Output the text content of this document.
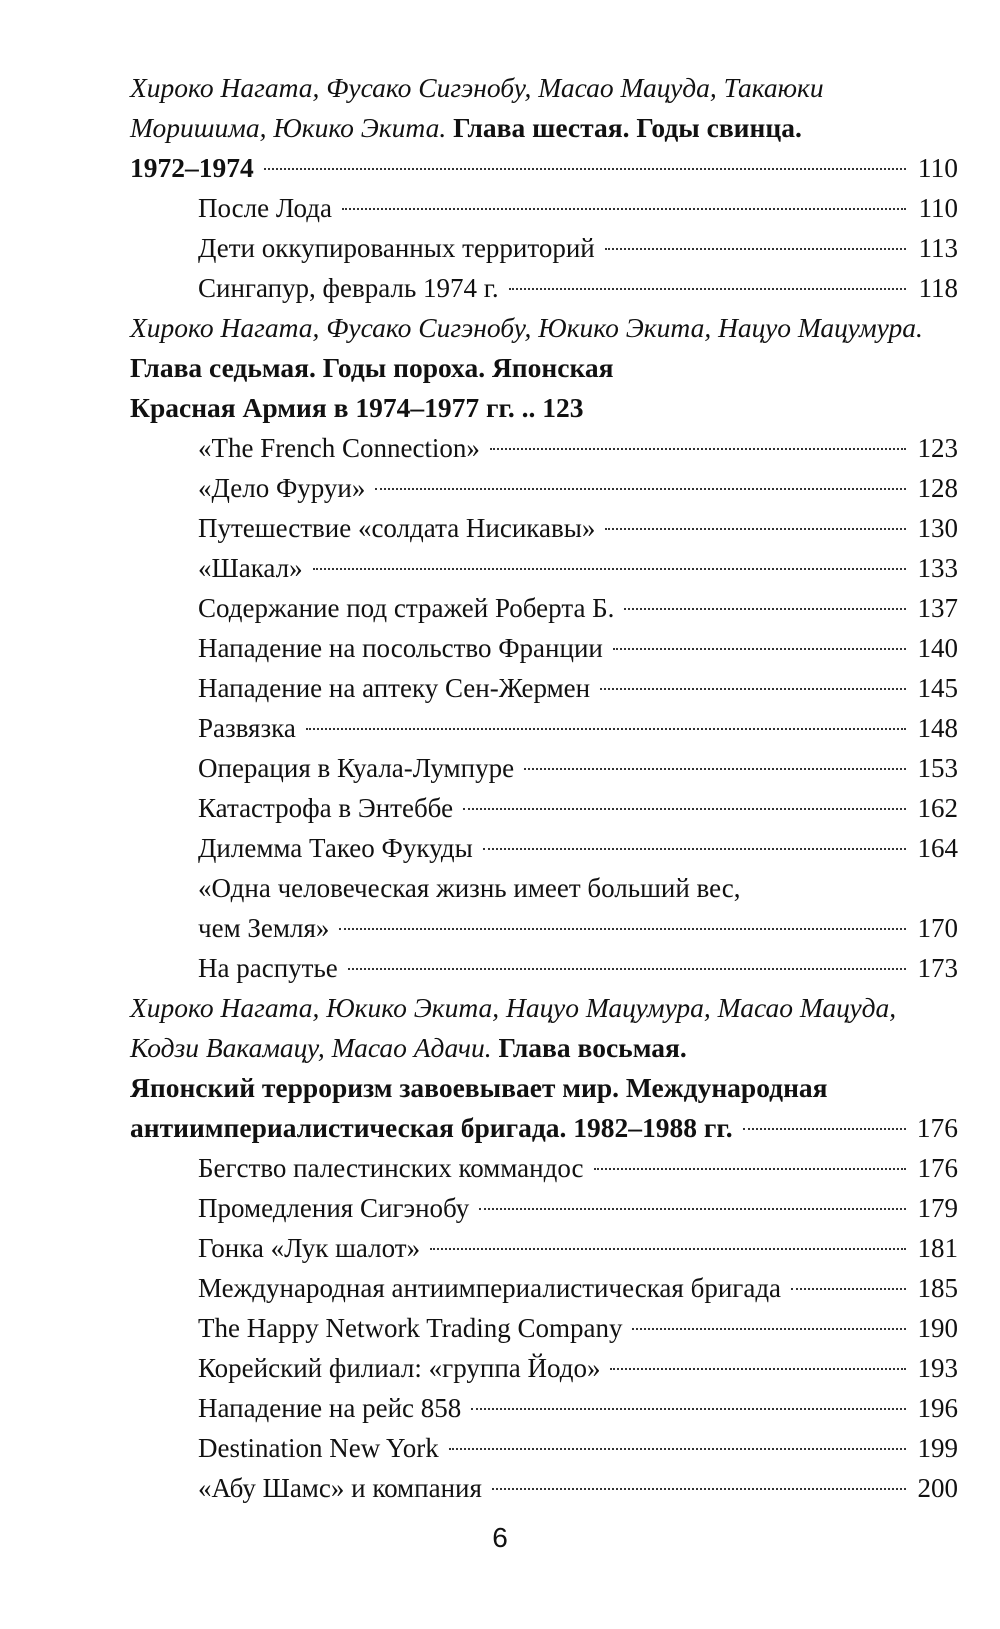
Хироко Нагата, Фусако Сигэнобу, Масао Мацуда, Такаюки Моришима, Юкико Экита. Глава шестая. Годы свинца.
1972–1974	110
После Лода	110
Дети оккупированных территорий	113
Сингапур, февраль 1974 г.	118
Хироко Нагата, Фусако Сигэнобу, Юкико Экита, Нацуо Мацумура. Глава седьмая. Годы пороха. Японская
Красная Армия в 1974–1977 гг. .. 123
«The French Connection»	123
«Дело Фуруи»	128
Путешествие «солдата Нисикавы»	130
«Шакал»	133
Содержание под стражей Роберта Б.	137
Нападение на посольство Франции	140
Нападение на аптеку Сен-Жермен	145
Развязка	148
Операция в Куала-Лумпуре	153
Катастрофа в Энтеббе	162
Дилемма Такео Фукуды	164
«Одна человеческая жизнь имеет больший вес,
чем Земля»	170
На распутье	173
Хироко Нагата, Юкико Экита, Нацуо Мацумура, Масао Мацуда, Кодзи Вакамацу, Масао Адачи. Глава восьмая.
Японский терроризм завоевывает мир. Международная
антиимпериалистическая бригада. 1982–1988 гг.	176
Бегство палестинских коммандос	176
Промедления Сигэнобу	179
Гонка «Лук шалот»	181
Международная антиимпериалистическая бригада	185
The Happy Network Trading Company	190
Корейский филиал: «группа Йодо»	193
Нападение на рейс 858	196
Destination New York	199
«Абу Шамс» и компания	200
6
